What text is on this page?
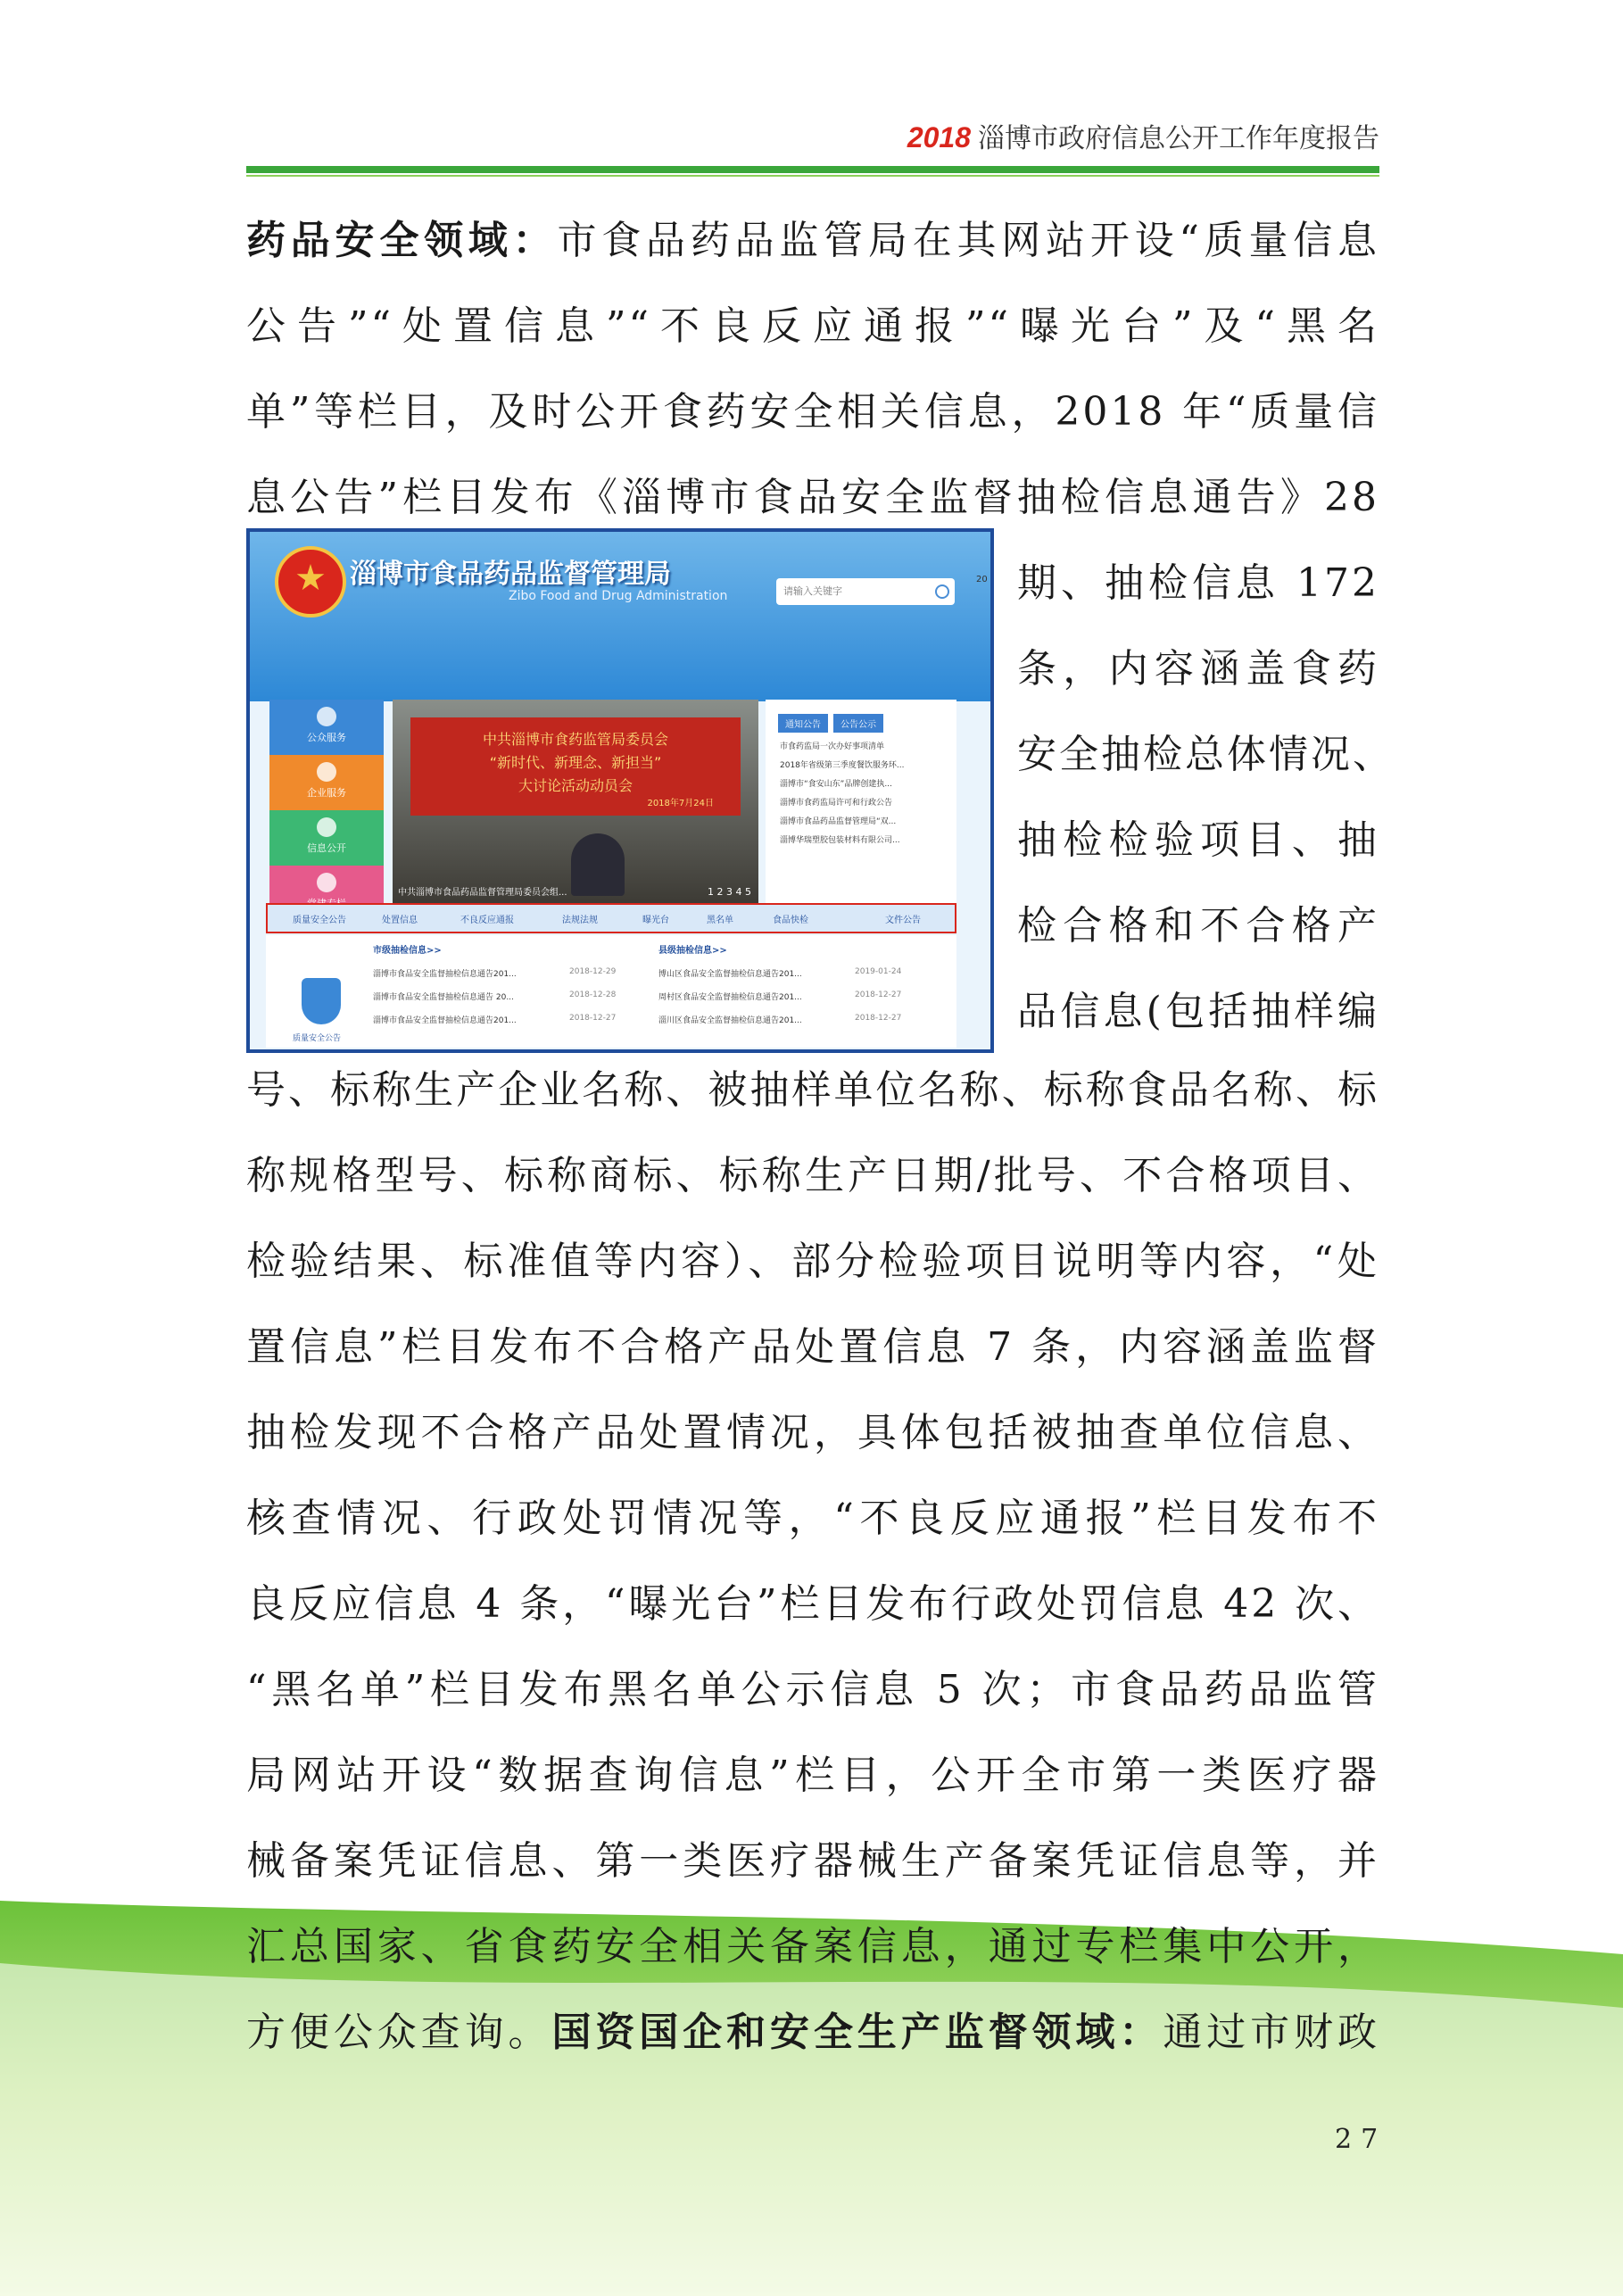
2018 淄博市政府信息公开工作年度报告
药品安全领域：市食品药品监管局在其网站开设“质量信息
公告”“处置信息”“不良反应通报”“曝光台”及“黑名
单”等栏目，及时公开食药安全相关信息，2018 年“质量信
息公告”栏目发布《淄博市食品安全监督抽检信息通告》28
淄博市食品药品监督管理局
Zibo Food and Drug Administration	请输入关键字
20
公众服务
企业服务
信息公开
中共淄博市食药监管局委员会
“新时代、新理念、新担当”
大讨论活动动员会
2018年7月24日
中共淄博市食品药品监督管理局委员会组...	1 2 3 4 5
通知公告 公告公示
市食药监局一次办好事项清单
2018年省级第三季度餐饮服务环...
淄博市“食安山东”品牌创建执...
淄博市食药监局许可和行政公告
淄博市食品药品监督管理局“双...
淄博华瑞塑胶包装材料有限公司...
质量安全公告	处置信息	不良反应通报	法规法规	曝光台	黑名单	食品快检	文件公告
质量安全公告
市级抽检信息>>	县级抽检信息>>
淄博市食品安全监督抽检信息通告201...	2018-12-29
淄博市食品安全监督抽检信息通告 20...	2018-12-28
淄博市食品安全监督抽检信息通告201...	2018-12-27
博山区食品安全监督抽检信息通告201...	2019-01-24
周村区食品安全监督抽检信息通告201...	2018-12-27
淄川区食品安全监督抽检信息通告201...	2018-12-27
期、抽检信息 172
条，内容涵盖食药
安全抽检总体情况、
抽检检验项目、抽
检合格和不合格产
品信息(包括抽样编
号、标称生产企业名称、被抽样单位名称、标称食品名称、标
称规格型号、标称商标、标称生产日期/批号、不合格项目、
检验结果、标准值等内容）、部分检验项目说明等内容，“处
置信息”栏目发布不合格产品处置信息 7 条，内容涵盖监督
抽检发现不合格产品处置情况，具体包括被抽查单位信息、
核查情况、行政处罚情况等，“不良反应通报”栏目发布不
良反应信息 4 条，“曝光台”栏目发布行政处罚信息 42 次、
“黑名单”栏目发布黑名单公示信息 5 次；市食品药品监管
局网站开设“数据查询信息”栏目，公开全市第一类医疗器
械备案凭证信息、第一类医疗器械生产备案凭证信息等，并
汇总国家、省食药安全相关备案信息，通过专栏集中公开，
方便公众查询。国资国企和安全生产监督领域：通过市财政
27
